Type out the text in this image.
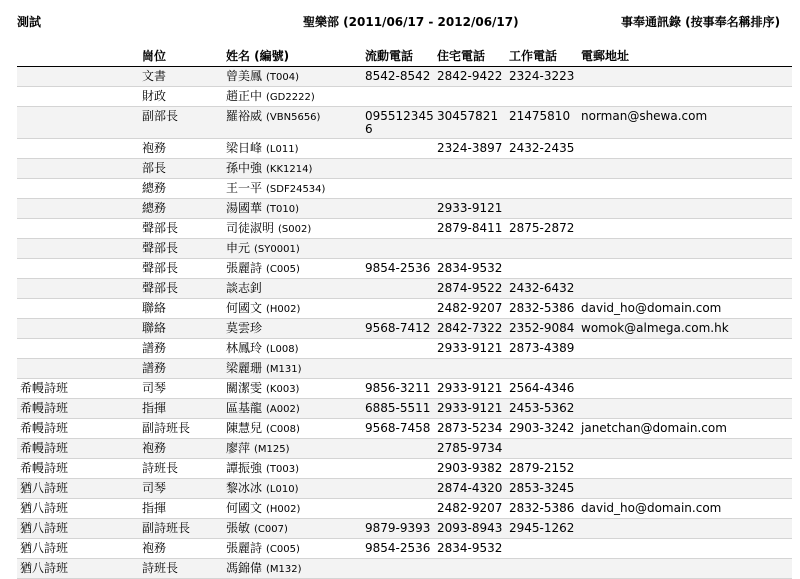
測試	聖樂部 (2011/06/17 - 2012/06/17)	事奉通訊錄 (按事奉名稱排序)
	崗位	姓名 (編號)	流動電話	住宅電話	工作電話	電郵地址
	文書	曾美鳳 (T004)	8542-8542	2842-9422	2324-3223	
	財政	趙正中 (GD2222)				
	副部長	羅裕威 (VBN5656)	0955123456	30457821	21475810	norman@shewa.com
	袍務	梁日峰 (L011)		2324-3897	2432-2435	
	部長	孫中強 (KK1214)				
	總務	王一平 (SDF24534)				
	總務	湯國華 (T010)		2933-9121		
	聲部長	司徒淑明 (S002)		2879-8411	2875-2872	
	聲部長	申元 (SY0001)				
	聲部長	張麗詩 (C005)	9854-2536	2834-9532		
	聲部長	談志釗		2874-9522	2432-6432	
	聯絡	何國文 (H002)		2482-9207	2832-5386	david_ho@domain.com
	聯絡	莫雲珍	9568-7412	2842-7322	2352-9084	womok@almega.com.hk
	譜務	林鳳玲 (L008)		2933-9121	2873-4389	
	譜務	梁麗珊 (M131)				
希幔詩班	司琴	關潔雯 (K003)	9856-3211	2933-9121	2564-4346	
希幔詩班	指揮	區基龍 (A002)	6885-5511	2933-9121	2453-5362	
希幔詩班	副詩班長	陳慧兒 (C008)	9568-7458	2873-5234	2903-3242	janetchan@domain.com
希幔詩班	袍務	廖萍 (M125)		2785-9734		
希幔詩班	詩班長	譚振強 (T003)		2903-9382	2879-2152	
猶八詩班	司琴	黎冰冰 (L010)		2874-4320	2853-3245	
猶八詩班	指揮	何國文 (H002)		2482-9207	2832-5386	david_ho@domain.com
猶八詩班	副詩班長	張敏 (C007)	9879-9393	2093-8943	2945-1262	
猶八詩班	袍務	張麗詩 (C005)	9854-2536	2834-9532		
猶八詩班	詩班長	馮錦偉 (M132)				
